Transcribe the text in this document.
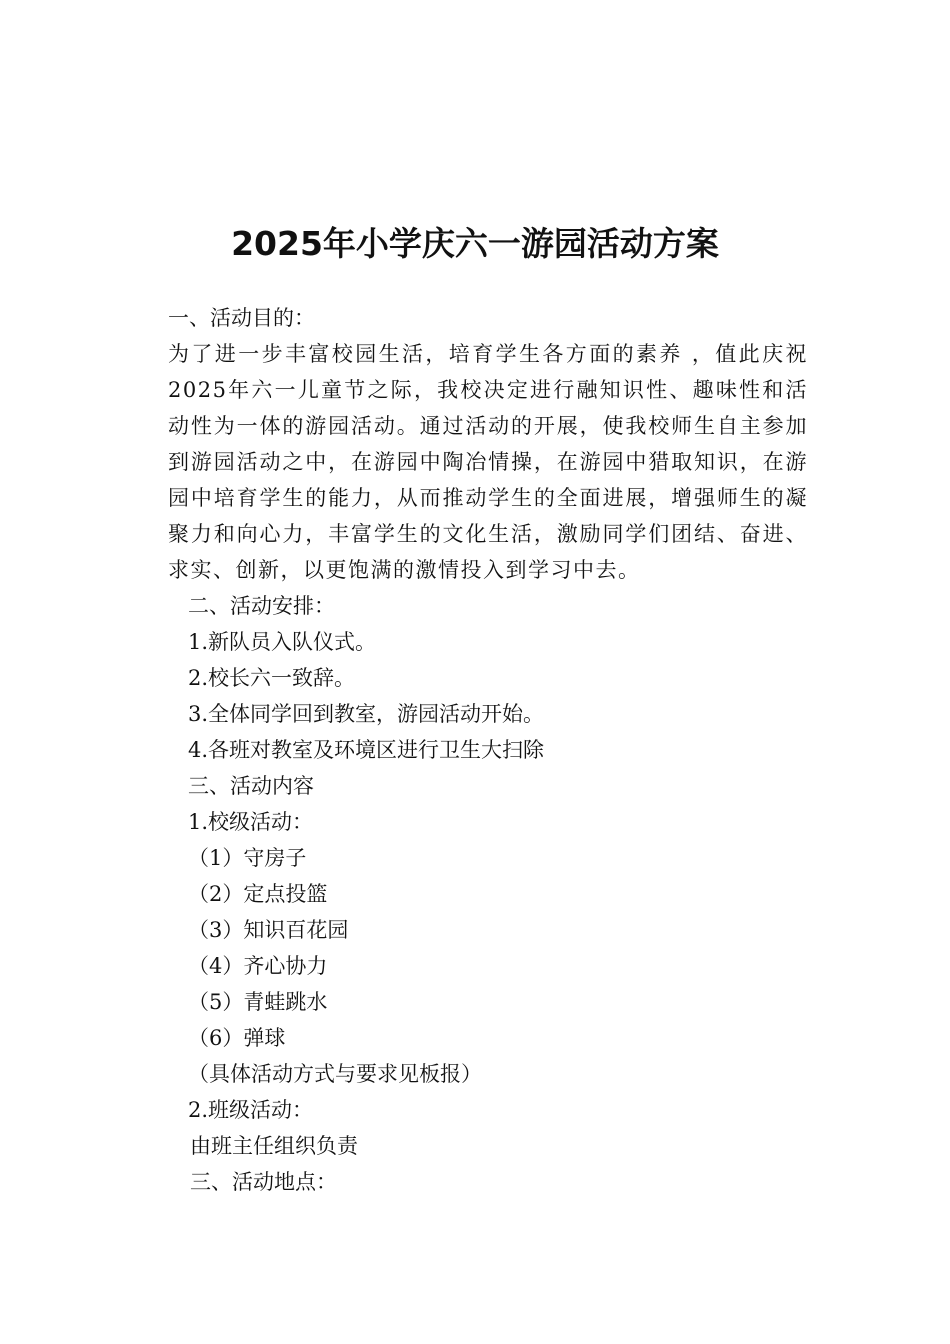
2025年小学庆六一游园活动方案

一、活动目的：

为了进一步丰富校园生活，培育学生各方面的素养 ，值此庆祝2025年六一儿童节之际，我校决定进行融知识性、趣味性和活动性为一体的游园活动。通过活动的开展，使我校师生自主参加到游园活动之中，在游园中陶冶情操，在游园中猎取知识，在游园中培育学生的能力，从而推动学生的全面进展，增强师生的凝聚力和向心力，丰富学生的文化生活，激励同学们团结、奋进、求实、创新，以更饱满的激情投入到学习中去。

二、活动安排：

1.新队员入队仪式。

2.校长六一致辞。

3.全体同学回到教室，游园活动开始。

4.各班对教室及环境区进行卫生大扫除

三、活动内容

1.校级活动：

（1）守房子

（2）定点投篮

（3）知识百花园

（4）齐心协力

（5）青蛙跳水

（6）弹球

（具体活动方式与要求见板报）

2.班级活动：

由班主任组织负责

三、活动地点：
